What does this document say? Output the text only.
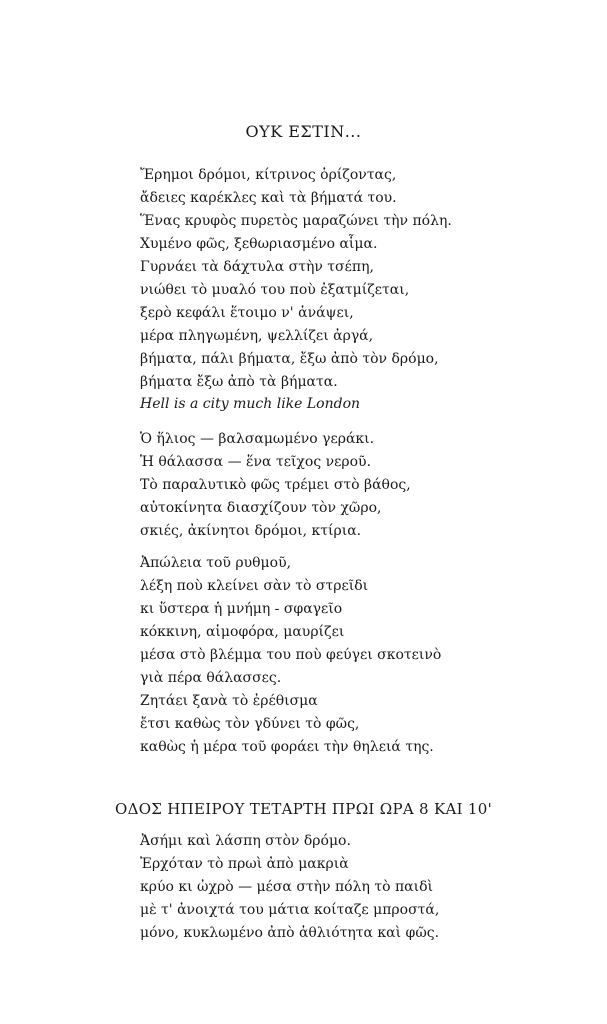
ΟΥΚ ΕΣΤΙΝ...
Ἔρημοι δρόμοι, κίτρινος ὁρίζοντας,
ἄδειες καρέκλες καὶ τὰ βήματά του.
Ἕνας κρυφὸς πυρετὸς μαραζώνει τὴν πόλη.
Χυμένο φῶς, ξεθωριασμένο αἷμα.
Γυρνάει τὰ δάχτυλα στὴν τσέπη,
νιώθει τὸ μυαλό του ποὺ ἐξατμίζεται,
ξερὸ κεφάλι ἕτοιμο ν' ἀνάψει,
μέρα πληγωμένη, ψελλίζει ἀργά,
βήματα, πάλι βήματα, ἔξω ἀπὸ τὸν δρόμο,
βήματα ἔξω ἀπὸ τὰ βήματα.

Hell is a city much like London

Ὁ ἥλιος — βαλσαμωμένο γεράκι.
Ἡ θάλασσα — ἕνα τεῖχος νεροῦ.
Τὸ παραλυτικὸ φῶς τρέμει στὸ βάθος,
αὐτοκίνητα διασχίζουν τὸν χῶρο,
σκιές, ἀκίνητοι δρόμοι, κτίρια.
Ἀπώλεια τοῦ ρυθμοῦ,
λέξη ποὺ κλείνει σὰν τὸ στρεῖδι
κι ὕστερα ἡ μνήμη - σφαγεῖο
κόκκινη, αἱμοφόρα, μαυρίζει
μέσα στὸ βλέμμα του ποὺ φεύγει σκοτεινὸ
γιὰ πέρα θάλασσες.
Ζητάει ξανὰ τὸ ἐρέθισμα
ἔτσι καθὼς τὸν γδύνει τὸ φῶς,
καθὼς ἡ μέρα τοῦ φοράει τὴν θηλειά της.
ΟΔΟΣ ΗΠΕΙΡΟΥ ΤΕΤΑΡΤΗ ΠΡΩΙ ΩΡΑ 8 ΚΑΙ 10'
Ἀσήμι καὶ λάσπη στὸν δρόμο.
Ἐρχόταν τὸ πρωὶ ἀπὸ μακριὰ
κρύο κι ὠχρὸ — μέσα στὴν πόλη τὸ παιδὶ
μὲ τ' ἀνοιχτά του μάτια κοίταζε μπροστά,
μόνο, κυκλωμένο ἀπὸ ἀθλιότητα καὶ φῶς.
